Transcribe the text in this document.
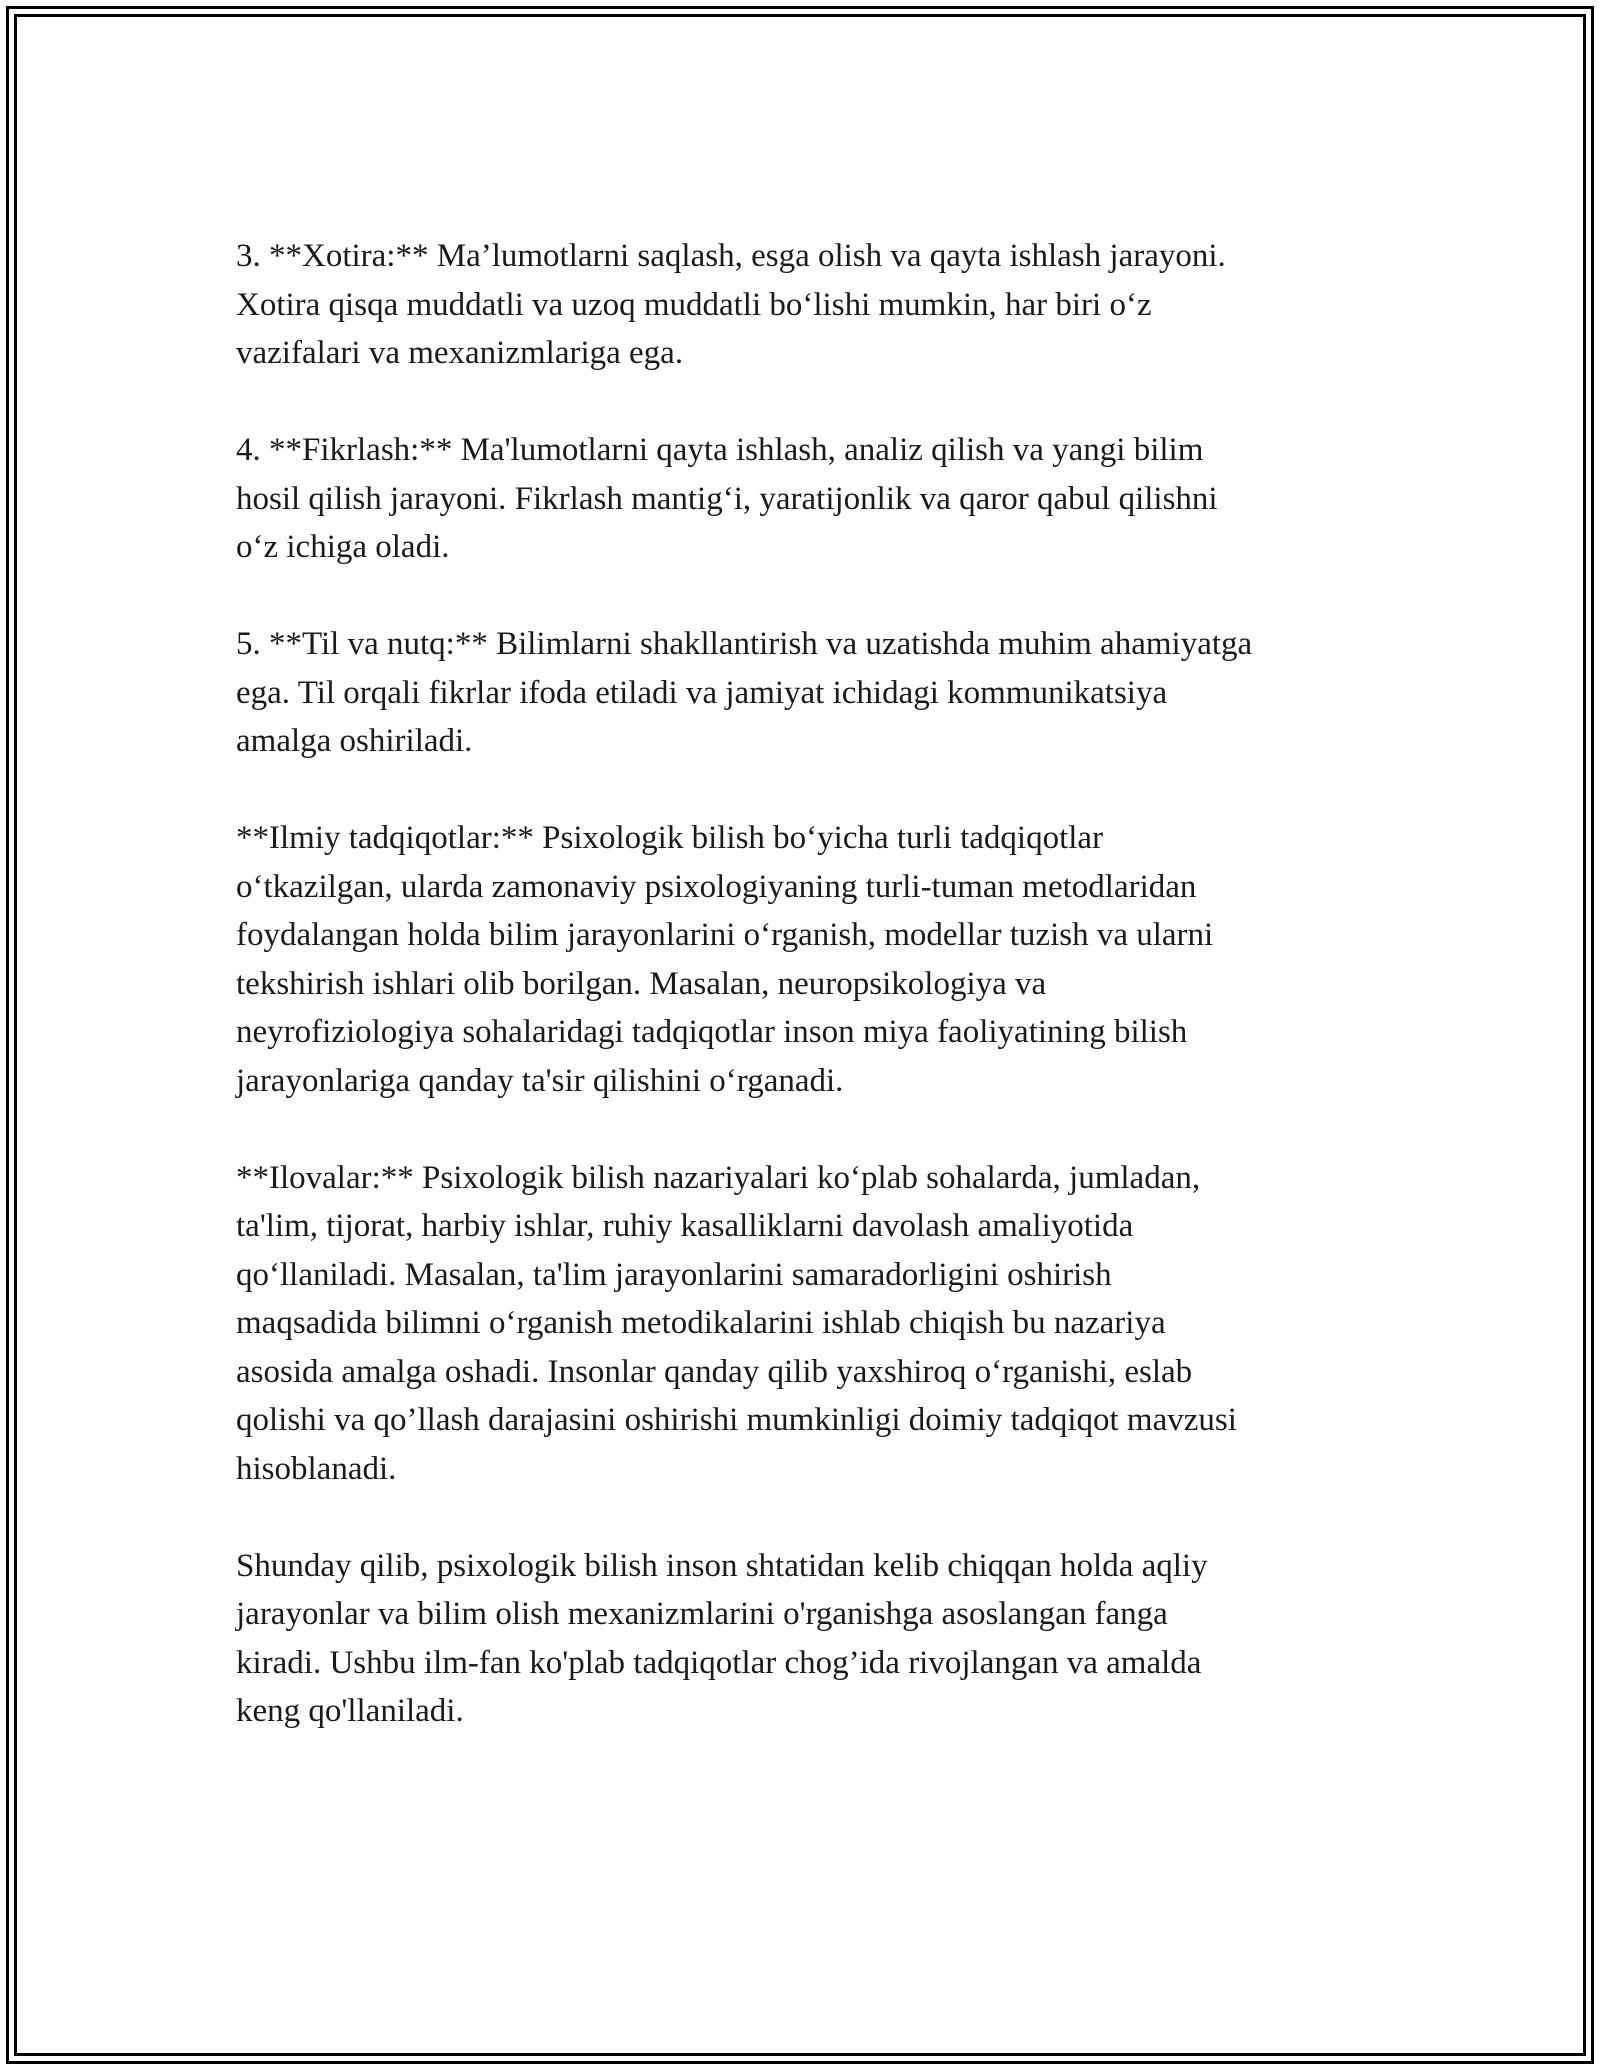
3. **Xotira:** Ma’lumotlarni saqlash, esga olish va qayta ishlash jarayoni.
Xotira qisqa muddatli va uzoq muddatli bo‘lishi mumkin, har biri o‘z
vazifalari va mexanizmlariga ega.

4. **Fikrlash:** Ma'lumotlarni qayta ishlash, analiz qilish va yangi bilim
hosil qilish jarayoni. Fikrlash mantig‘i, yaratijonlik va qaror qabul qilishni
o‘z ichiga oladi.

5. **Til va nutq:** Bilimlarni shakllantirish va uzatishda muhim ahamiyatga
ega. Til orqali fikrlar ifoda etiladi va jamiyat ichidagi kommunikatsiya
amalga oshiriladi.

**Ilmiy tadqiqotlar:** Psixologik bilish bo‘yicha turli tadqiqotlar
o‘tkazilgan, ularda zamonaviy psixologiyaning turli-tuman metodlaridan
foydalangan holda bilim jarayonlarini o‘rganish, modellar tuzish va ularni
tekshirish ishlari olib borilgan. Masalan, neuropsikologiya va
neyrofiziologiya sohalaridagi tadqiqotlar inson miya faoliyatining bilish
jarayonlariga qanday ta'sir qilishini o‘rganadi.

**Ilovalar:** Psixologik bilish nazariyalari ko‘plab sohalarda, jumladan,
ta'lim, tijorat, harbiy ishlar, ruhiy kasalliklarni davolash amaliyotida
qo‘llaniladi. Masalan, ta'lim jarayonlarini samaradorligini oshirish
maqsadida bilimni o‘rganish metodikalarini ishlab chiqish bu nazariya
asosida amalga oshadi. Insonlar qanday qilib yaxshiroq o‘rganishi, eslab
qolishi va qo’llash darajasini oshirishi mumkinligi doimiy tadqiqot mavzusi
hisoblanadi.

Shunday qilib, psixologik bilish inson shtatidan kelib chiqqan holda aqliy
jarayonlar va bilim olish mexanizmlarini o'rganishga asoslangan fanga
kiradi. Ushbu ilm-fan ko'plab tadqiqotlar chog’ida rivojlangan va amalda
keng qo'llaniladi.
